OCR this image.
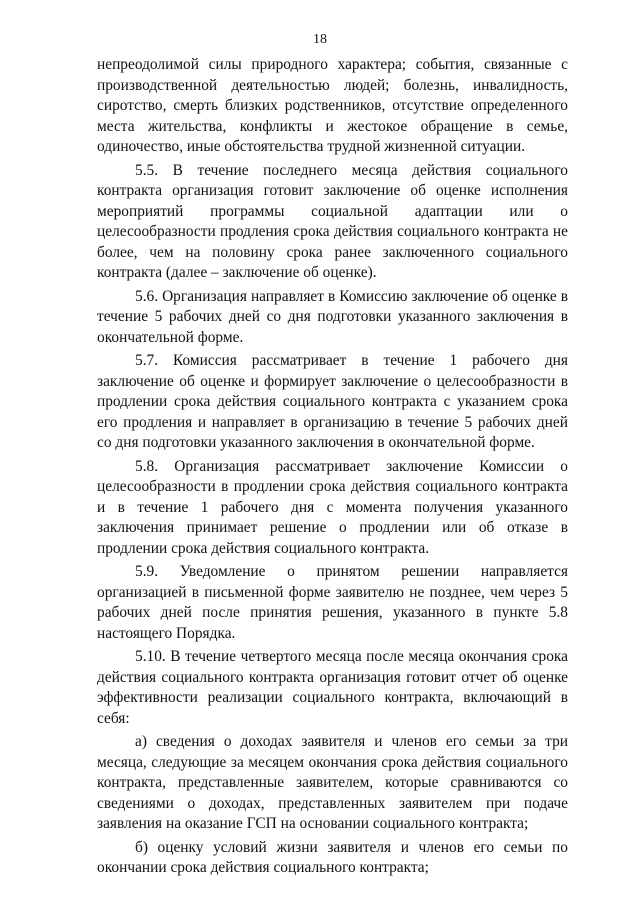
18

непреодолимой силы природного характера; события, связанные с производственной деятельностью людей; болезнь, инвалидность, сиротство, смерть близких родственников, отсутствие определенного места жительства, конфликты и жестокое обращение в семье, одиночество, иные обстоятельства трудной жизненной ситуации.

5.5. В течение последнего месяца действия социального контракта организация готовит заключение об оценке исполнения мероприятий программы социальной адаптации или о целесообразности продления срока действия социального контракта не более, чем на половину срока ранее заключенного социального контракта (далее – заключение об оценке).

5.6. Организация направляет в Комиссию заключение об оценке в течение 5 рабочих дней со дня подготовки указанного заключения в окончательной форме.

5.7. Комиссия рассматривает в течение 1 рабочего дня заключение об оценке и формирует заключение о целесообразности в продлении срока действия социального контракта с указанием срока его продления и направляет в организацию в течение 5 рабочих дней со дня подготовки указанного заключения в окончательной форме.

5.8. Организация рассматривает заключение Комиссии о целесообразности в продлении срока действия социального контракта и в течение 1 рабочего дня с момента получения указанного заключения принимает решение о продлении или об отказе в продлении срока действия социального контракта.

5.9. Уведомление о принятом решении направляется организацией в письменной форме заявителю не позднее, чем через 5 рабочих дней после принятия решения, указанного в пункте 5.8 настоящего Порядка.

5.10. В течение четвертого месяца после месяца окончания срока действия социального контракта организация готовит отчет об оценке эффективности реализации социального контракта, включающий в себя:

а) сведения о доходах заявителя и членов его семьи за три месяца, следующие за месяцем окончания срока действия социального контракта, представленные заявителем, которые сравниваются со сведениями о доходах, представленных заявителем при подаче заявления на оказание ГСП на основании социального контракта;

б) оценку условий жизни заявителя и членов его семьи по окончании срока действия социального контракта;
